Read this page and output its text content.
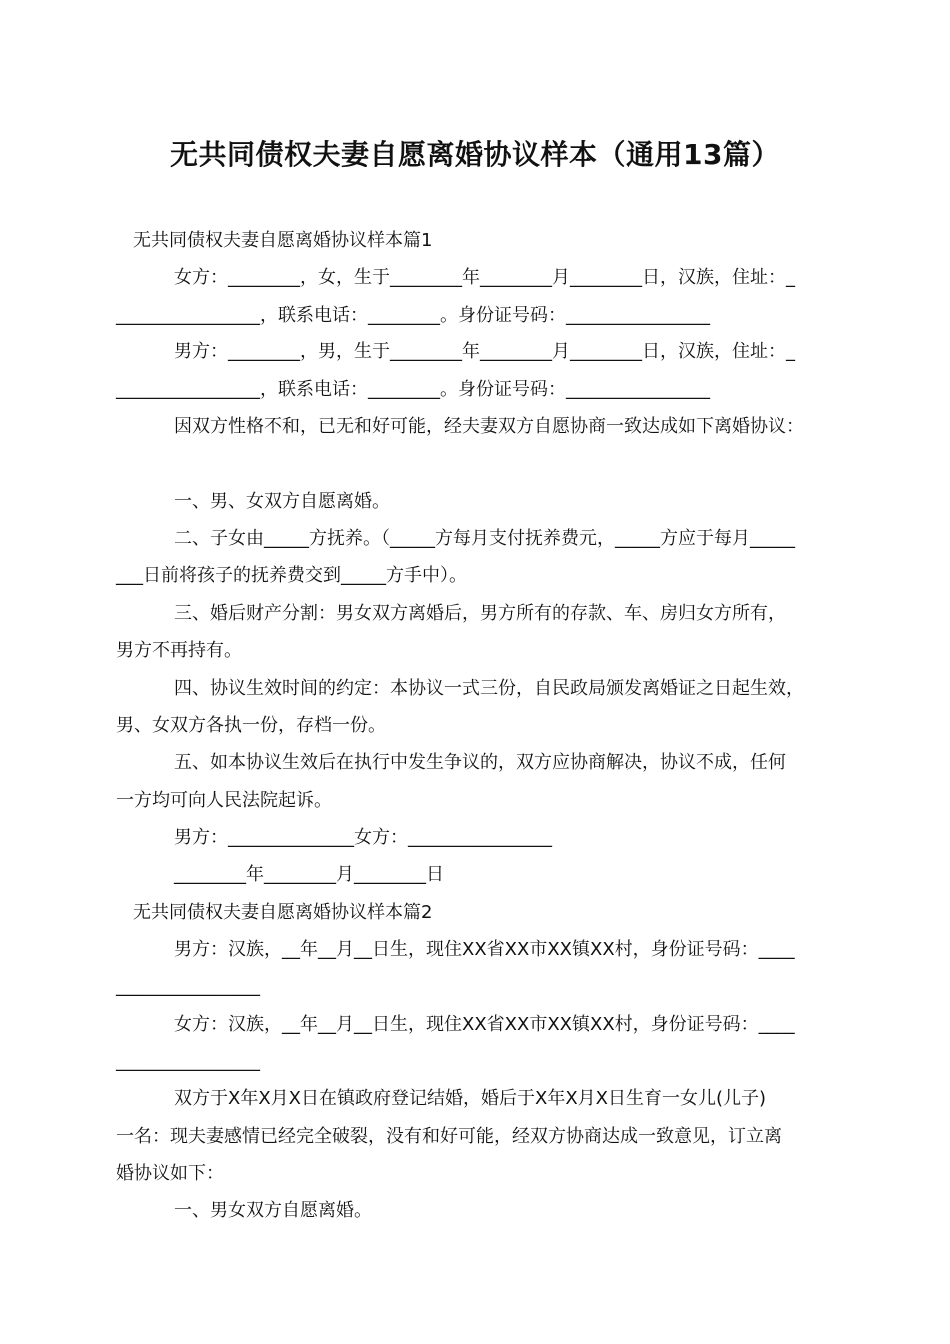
无共同债权夫妻自愿离婚协议样本（通用13篇）
无共同债权夫妻自愿离婚协议样本篇1
女方：________，女，生于________年________月________日，汉族，住址：_
________________，联系电话：________。身份证号码：________________
男方：________，男，生于________年________月________日，汉族，住址：_
________________，联系电话：________。身份证号码：________________
因双方性格不和，已无和好可能，经夫妻双方自愿协商一致达成如下离婚协议：
一、男、女双方自愿离婚。
二、子女由_____方抚养。（_____方每月支付抚养费元，_____方应于每月_____
___日前将孩子的抚养费交到_____方手中）。
三、婚后财产分割：男女双方离婚后，男方所有的存款、车、房归女方所有，
男方不再持有。
四、协议生效时间的约定：本协议一式三份，自民政局颁发离婚证之日起生效，
男、女双方各执一份，存档一份。
五、如本协议生效后在执行中发生争议的，双方应协商解决，协议不成，任何
一方均可向人民法院起诉。
男方：______________女方：________________
________年________月________日
无共同债权夫妻自愿离婚协议样本篇2
男方：汉族，__年__月__日生，现住XX省XX市XX镇XX村，身份证号码：____
________________
女方：汉族，__年__月__日生，现住XX省XX市XX镇XX村，身份证号码：____
________________
双方于X年X月X日在镇政府登记结婚，婚后于X年X月X日生育一女儿(儿子)
一名：现夫妻感情已经完全破裂，没有和好可能，经双方协商达成一致意见，订立离
婚协议如下：
一、男女双方自愿离婚。
